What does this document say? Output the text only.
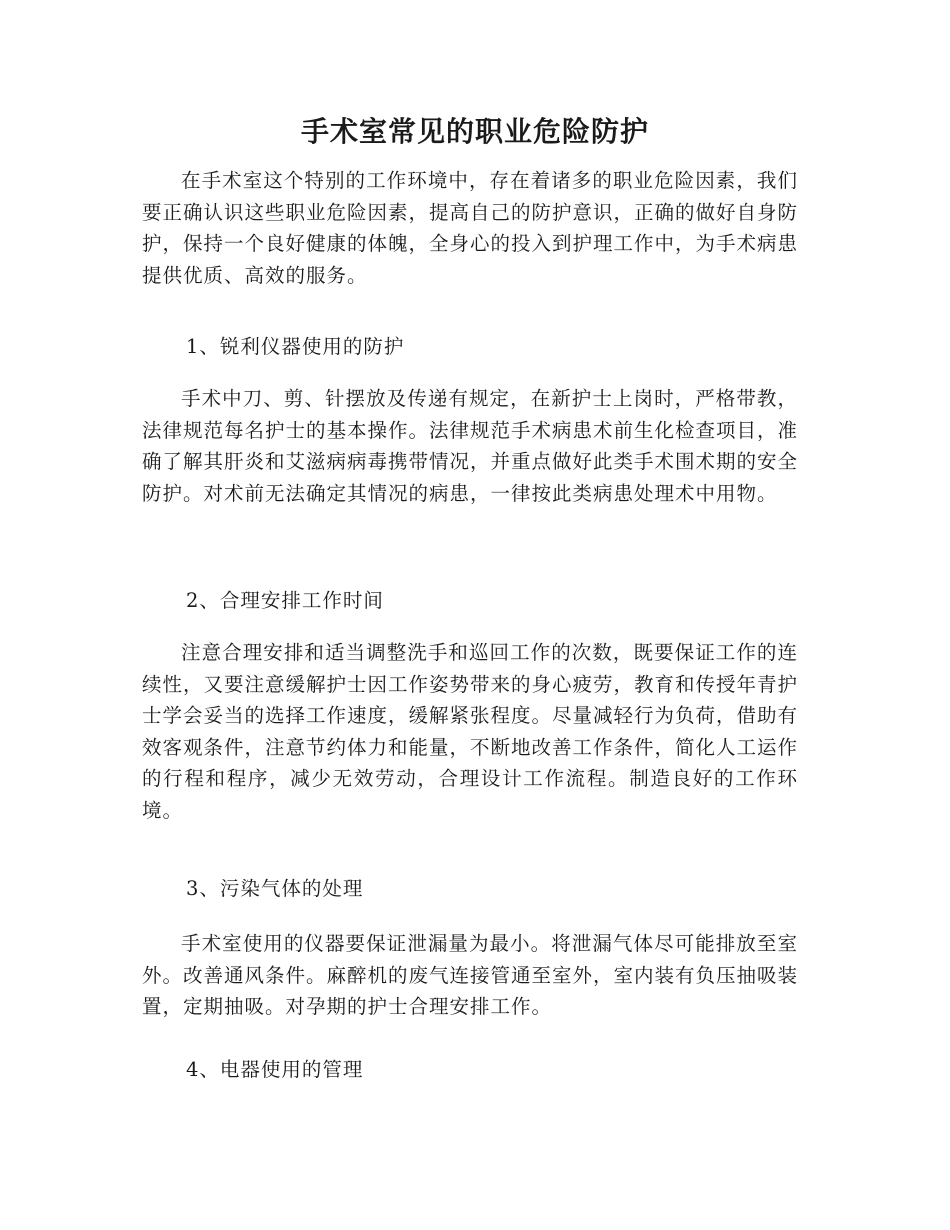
手术室常见的职业危险防护

在手术室这个特别的工作环境中，存在着诸多的职业危险因素，我们要正确认识这些职业危险因素，提高自己的防护意识，正确的做好自身防护，保持一个良好健康的体魄，全身心的投入到护理工作中，为手术病患提供优质、高效的服务。

1、锐利仪器使用的防护

手术中刀、剪、针摆放及传递有规定，在新护士上岗时，严格带教，法律规范每名护士的基本操作。法律规范手术病患术前生化检查项目，准确了解其肝炎和艾滋病病毒携带情况，并重点做好此类手术围术期的安全防护。对术前无法确定其情况的病患，一律按此类病患处理术中用物。

2、合理安排工作时间

注意合理安排和适当调整洗手和巡回工作的次数，既要保证工作的连续性，又要注意缓解护士因工作姿势带来的身心疲劳，教育和传授年青护士学会妥当的选择工作速度，缓解紧张程度。尽量减轻行为负荷，借助有效客观条件，注意节约体力和能量，不断地改善工作条件，简化人工运作的行程和程序，减少无效劳动，合理设计工作流程。制造良好的工作环境。

3、污染气体的处理

手术室使用的仪器要保证泄漏量为最小。将泄漏气体尽可能排放至室外。改善通风条件。麻醉机的废气连接管通至室外，室内装有负压抽吸装置，定期抽吸。对孕期的护士合理安排工作。

4、电器使用的管理
